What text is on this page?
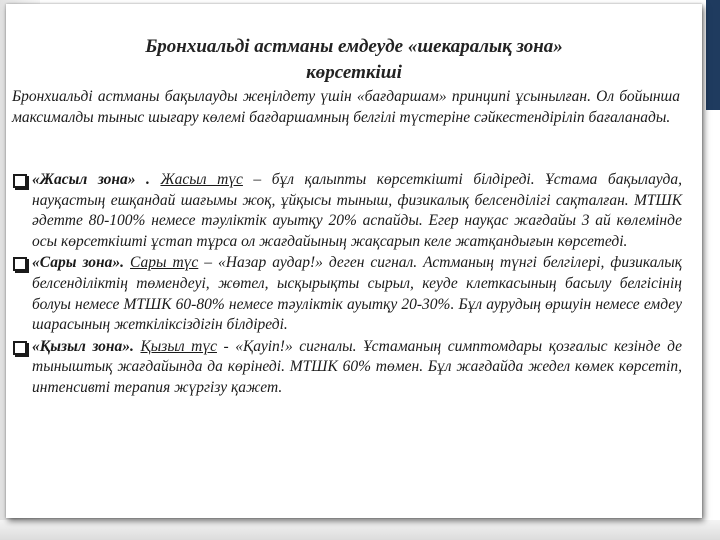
Бронхиальді астманы емдеуде «шекаралық зона»
көрсеткіші

Бронхиальді астманы бақылауды жеңілдету үшін «бағдаршам» принципі ұсынылған. Ол бойынша максималды тыныс шығару көлемі бағдаршамның белгілі түстеріне сәйкестендіріліп бағаланады.

«Жасыл зона» . Жасыл түс – бұл қалыпты көрсеткішті білдіреді. Ұстама бақылауда, науқастың ешқандай шағымы жоқ, ұйқысы тыныш, физикалық белсенділігі сақталған. МТШК әдетте 80-100% немесе тәуліктік ауытқу 20% аспайды. Егер науқас жағдайы 3 ай көлемінде осы көрсеткішті ұстап тұрса ол жағдайының жақсарып келе жатқандығын көрсетеді.
«Сары зона». Сары түс – «Назар аудар!» деген сигнал. Астманың түнгі белгілері, физикалық белсенділіктің төмендеуі, жөтел, ысқырықты сырыл, кеуде клеткасының басылу белгісінің болуы немесе МТШК 60-80% немесе тәуліктік ауытқу 20-30%. Бұл аурудың өршуін немесе емдеу шарасының жеткіліксіздігін білдіреді.
«Қызыл зона». Қызыл түс - «Қауіп!» сигналы. Ұстаманың симптомдары қозғалыс кезінде де тыныштық жағдайында да көрінеді. МТШК 60% төмен. Бұл жағдайда жедел көмек көрсетіп, интенсивті терапия жүргізу қажет.
